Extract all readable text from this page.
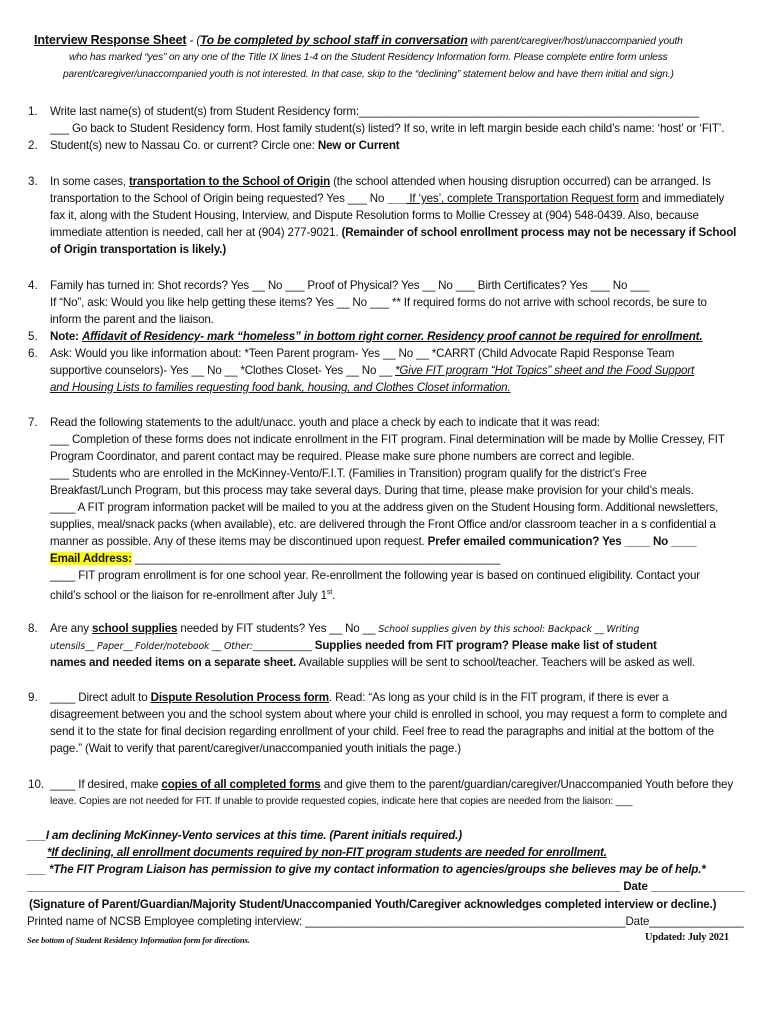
Interview Response Sheet - (To be completed by school staff in conversation with parent/caregiver/host/unaccompanied youth
who has marked “yes” on any one of the Title IX lines 1-4 on the Student Residency Information form. Please complete entire form unless
parent/caregiver/unaccompanied youth is not interested. In that case, skip to the “declining” statement below and have them initial and sign.)
1. Write last name(s) of student(s) from Student Residency form:______________________________________________________
___ Go back to Student Residency form. Host family student(s) listed? If so, write in left margin beside each child’s name: ‘host’ or ‘FIT’.
2. Student(s) new to Nassau Co. or current? Circle one: New or Current
3. In some cases, transportation to the School of Origin (the school attended when housing disruption occurred) can be arranged. Is
transportation to the School of Origin being requested? Yes ___ No ___ If ‘yes’, complete Transportation Request form and immediately
fax it, along with the Student Housing, Interview, and Dispute Resolution forms to Mollie Cressey at (904) 548-0439. Also, because
immediate attention is needed, call her at (904) 277-9021. (Remainder of school enrollment process may not be necessary if School
of Origin transportation is likely.)
4. Family has turned in: Shot records? Yes __ No ___ Proof of Physical? Yes __ No ___ Birth Certificates? Yes ___ No ___
If “No”, ask: Would you like help getting these items? Yes __ No ___ ** If required forms do not arrive with school records, be sure to
inform the parent and the liaison.
5. Note: Affidavit of Residency- mark “homeless” in bottom right corner. Residency proof cannot be required for enrollment.
6. Ask: Would you like information about: *Teen Parent program- Yes __ No __ *CARRT (Child Advocate Rapid Response Team
supportive counselors)- Yes __ No __ *Clothes Closet- Yes __ No __ *Give FIT program “Hot Topics” sheet and the Food Support
and Housing Lists to families requesting food bank, housing, and Clothes Closet information.
7. Read the following statements to the adult/unacc. youth and place a check by each to indicate that it was read:
___ Completion of these forms does not indicate enrollment in the FIT program. Final determination will be made by Mollie Cressey, FIT
Program Coordinator, and parent contact may be required. Please make sure phone numbers are correct and legible.
___ Students who are enrolled in the McKinney-Vento/F.I.T. (Families in Transition) program qualify for the district’s Free
Breakfast/Lunch Program, but this process may take several days. During that time, please make provision for your child’s meals.
____ A FIT program information packet will be mailed to you at the address given on the Student Housing form. Additional newsletters,
supplies, meal/snack packs (when available), etc. are delivered through the Front Office and/or classroom teacher in a s confidential a
manner as possible. Any of these items may be discontinued upon request. Prefer emailed communication? Yes ____ No ____
Email Address: __________________________________________________________
____ FIT program enrollment is for one school year. Re-enrollment the following year is based on continued eligibility. Contact your
child’s school or the liaison for re-enrollment after July 1st.
8. Are any school supplies needed by FIT students? Yes __ No __ School supplies given by this school: Backpack __ Writing
utensils__ Paper__ Folder/notebook __ Other:_____________ Supplies needed from FIT program? Please make list of student
names and needed items on a separate sheet. Available supplies will be sent to school/teacher. Teachers will be asked as well.
9. ____ Direct adult to Dispute Resolution Process form. Read: “As long as your child is in the FIT program, if there is ever a
disagreement between you and the school system about where your child is enrolled in school, you may request a form to complete and
send it to the state for final decision regarding enrollment of your child. Feel free to read the paragraphs and initial at the bottom of the
page.” (Wait to verify that parent/caregiver/unaccompanied youth initials the page.)
10. ____ If desired, make copies of all completed forms and give them to the parent/guardian/caregiver/Unaccompanied Youth before they
leave. Copies are not needed for FIT. If unable to provide requested copies, indicate here that copies are needed from the liaison: ___
___I am declining McKinney-Vento services at this time. (Parent initials required.)
*If declining, all enrollment documents required by non-FIT program students are needed for enrollment.
___ *The FIT Program Liaison has permission to give my contact information to agencies/groups she believes may be of help.*
_______________________________________________________________________________________________ Date _______________
(Signature of Parent/Guardian/Majority Student/Unaccompanied Youth/Caregiver acknowledges completed interview or decline.)
Printed name of NCSB Employee completing interview: ___________________________________________________Date_______________
See bottom of Student Residency Information form for directions.	Updated: July 2021
